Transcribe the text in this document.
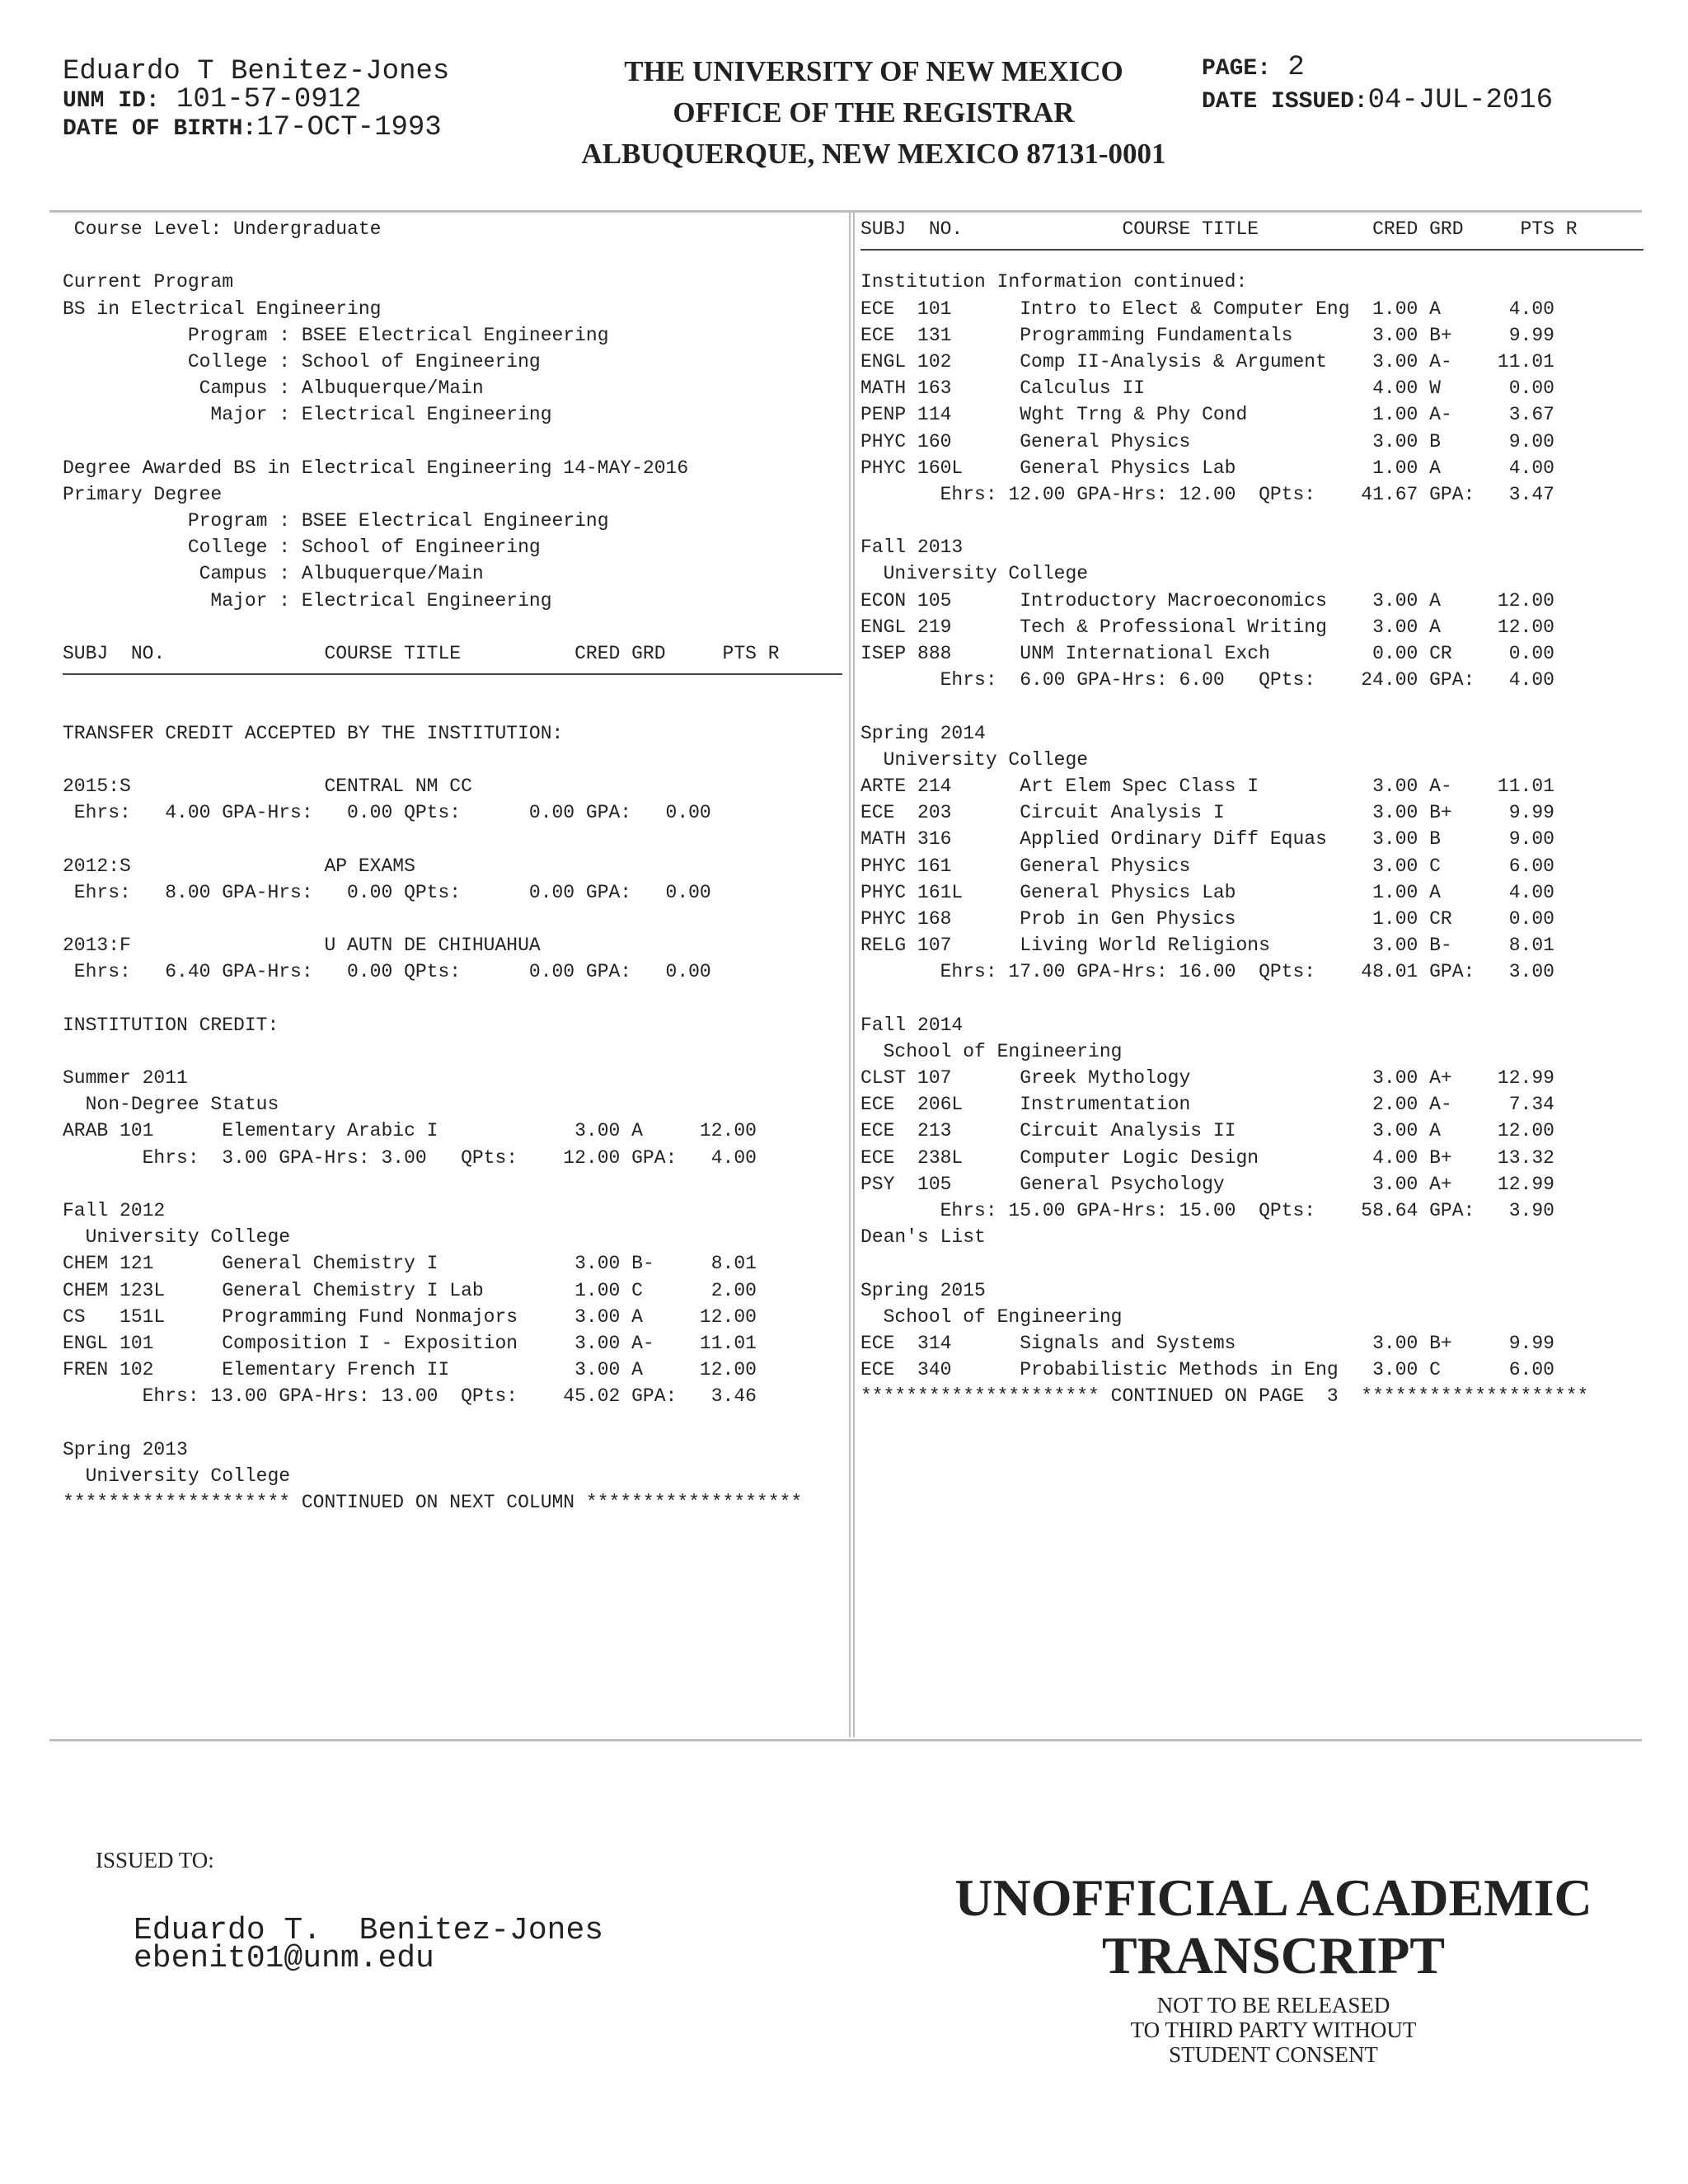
Eduardo T Benitez-Jones
UNM ID: 101-57-0912
DATE OF BIRTH:17-OCT-1993
THE UNIVERSITY OF NEW MEXICO
OFFICE OF THE REGISTRAR
ALBUQUERQUE, NEW MEXICO 87131-0001
PAGE: 2
DATE ISSUED:04-JUL-2016
Course Level: Undergraduate
Current Program
BS in Electrical Engineering
Program : BSEE Electrical Engineering
College : School of Engineering
Campus : Albuquerque/Main
Major : Electrical Engineering
Degree Awarded BS in Electrical Engineering 14-MAY-2016
Primary Degree
Program : BSEE Electrical Engineering
College : School of Engineering
Campus : Albuquerque/Main
Major : Electrical Engineering
SUBJ  NO.              COURSE TITLE          CRED GRD     PTS R
TRANSFER CREDIT ACCEPTED BY THE INSTITUTION:
2015:S                 CENTRAL NM CC
Ehrs:   4.00 GPA-Hrs:   0.00 QPts:      0.00 GPA:   0.00
2012:S                 AP EXAMS
Ehrs:   8.00 GPA-Hrs:   0.00 QPts:      0.00 GPA:   0.00
2013:F                 U AUTN DE CHIHUAHUA
Ehrs:   6.40 GPA-Hrs:   0.00 QPts:      0.00 GPA:   0.00
INSTITUTION CREDIT:
Summer 2011
Non-Degree Status
ARAB 101      Elementary Arabic I            3.00 A     12.00
Ehrs:  3.00 GPA-Hrs: 3.00   QPts:    12.00 GPA:   4.00
Fall 2012
University College
CHEM 121      General Chemistry I            3.00 B-     8.01
CHEM 123L     General Chemistry I Lab        1.00 C      2.00
CS   151L     Programming Fund Nonmajors     3.00 A     12.00
ENGL 101      Composition I - Exposition     3.00 A-    11.01
FREN 102      Elementary French II           3.00 A     12.00
Ehrs: 13.00 GPA-Hrs: 13.00  QPts:    45.02 GPA:   3.46
Spring 2013
University College
******************** CONTINUED ON NEXT COLUMN *******************
SUBJ  NO.              COURSE TITLE          CRED GRD     PTS R
Institution Information continued:
ECE  101      Intro to Elect & Computer Eng  1.00 A      4.00
ECE  131      Programming Fundamentals       3.00 B+     9.99
ENGL 102      Comp II-Analysis & Argument    3.00 A-    11.01
MATH 163      Calculus II                    4.00 W      0.00
PENP 114      Wght Trng & Phy Cond           1.00 A-     3.67
PHYC 160      General Physics                3.00 B      9.00
PHYC 160L     General Physics Lab            1.00 A      4.00
Ehrs: 12.00 GPA-Hrs: 12.00  QPts:    41.67 GPA:   3.47
Fall 2013
University College
ECON 105      Introductory Macroeconomics    3.00 A     12.00
ENGL 219      Tech & Professional Writing    3.00 A     12.00
ISEP 888      UNM International Exch         0.00 CR     0.00
Ehrs:  6.00 GPA-Hrs: 6.00   QPts:    24.00 GPA:   4.00
Spring 2014
University College
ARTE 214      Art Elem Spec Class I          3.00 A-    11.01
ECE  203      Circuit Analysis I             3.00 B+     9.99
MATH 316      Applied Ordinary Diff Equas    3.00 B      9.00
PHYC 161      General Physics                3.00 C      6.00
PHYC 161L     General Physics Lab            1.00 A      4.00
PHYC 168      Prob in Gen Physics            1.00 CR     0.00
RELG 107      Living World Religions         3.00 B-     8.01
Ehrs: 17.00 GPA-Hrs: 16.00  QPts:    48.01 GPA:   3.00
Fall 2014
School of Engineering
CLST 107      Greek Mythology                3.00 A+    12.99
ECE  206L     Instrumentation                2.00 A-     7.34
ECE  213      Circuit Analysis II            3.00 A     12.00
ECE  238L     Computer Logic Design          4.00 B+    13.32
PSY  105      General Psychology             3.00 A+    12.99
Ehrs: 15.00 GPA-Hrs: 15.00  QPts:    58.64 GPA:   3.90
Dean's List
Spring 2015
School of Engineering
ECE  314      Signals and Systems            3.00 B+     9.99
ECE  340      Probabilistic Methods in Eng   3.00 C      6.00
********************* CONTINUED ON PAGE  3  ********************
ISSUED TO:
Eduardo T.  Benitez-Jones
ebenit01@unm.edu
UNOFFICIAL ACADEMIC
TRANSCRIPT
NOT TO BE RELEASED
TO THIRD PARTY WITHOUT
STUDENT CONSENT
